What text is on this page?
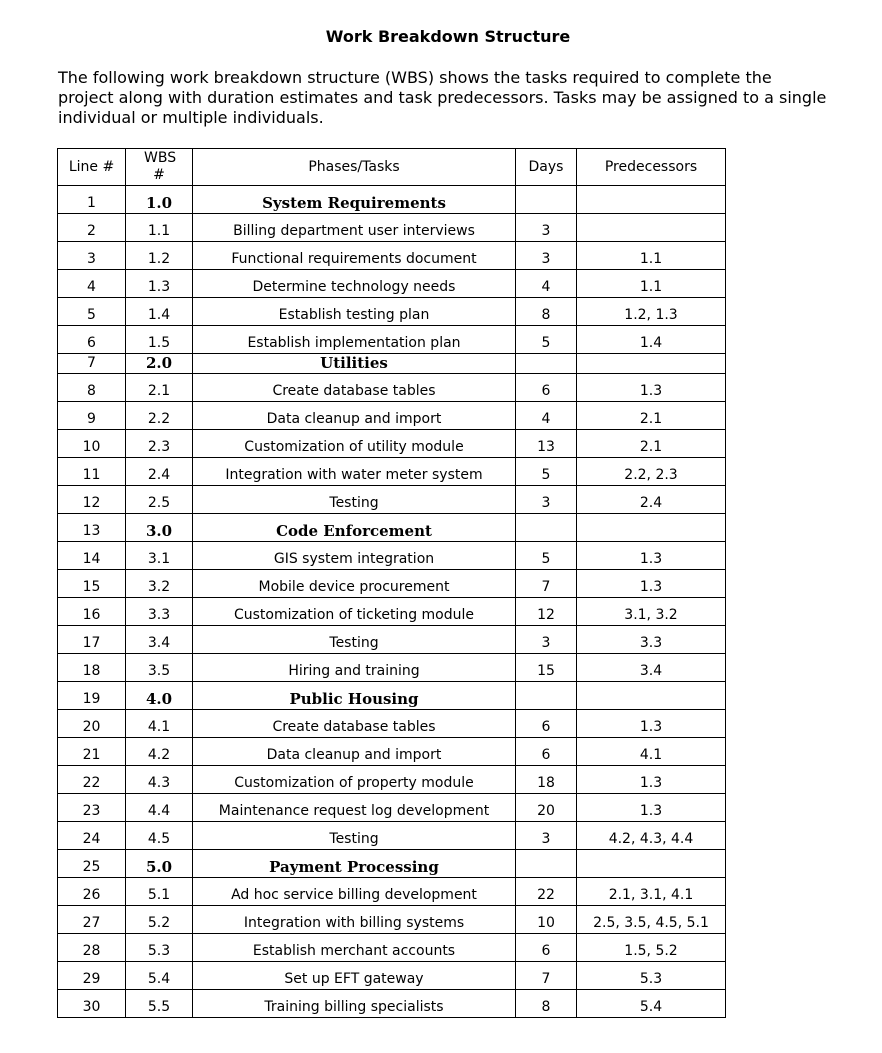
Work Breakdown Structure
The following work breakdown structure (WBS) shows the tasks required to complete the project along with duration estimates and task predecessors. Tasks may be assigned to a single individual or multiple individuals.
Line #	WBS #	Phases/Tasks	Days	Predecessors
1	1.0	System Requirements		
2	1.1	Billing department user interviews	3	
3	1.2	Functional requirements document	3	1.1
4	1.3	Determine technology needs	4	1.1
5	1.4	Establish testing plan	8	1.2, 1.3
6	1.5	Establish implementation plan	5	1.4
7	2.0	Utilities		
8	2.1	Create database tables	6	1.3
9	2.2	Data cleanup and import	4	2.1
10	2.3	Customization of utility module	13	2.1
11	2.4	Integration with water meter system	5	2.2, 2.3
12	2.5	Testing	3	2.4
13	3.0	Code Enforcement		
14	3.1	GIS system integration	5	1.3
15	3.2	Mobile device procurement	7	1.3
16	3.3	Customization of ticketing module	12	3.1, 3.2
17	3.4	Testing	3	3.3
18	3.5	Hiring and training	15	3.4
19	4.0	Public Housing		
20	4.1	Create database tables	6	1.3
21	4.2	Data cleanup and import	6	4.1
22	4.3	Customization of property module	18	1.3
23	4.4	Maintenance request log development	20	1.3
24	4.5	Testing	3	4.2, 4.3, 4.4
25	5.0	Payment Processing		
26	5.1	Ad hoc service billing development	22	2.1, 3.1, 4.1
27	5.2	Integration with billing systems	10	2.5, 3.5, 4.5, 5.1
28	5.3	Establish merchant accounts	6	1.5, 5.2
29	5.4	Set up EFT gateway	7	5.3
30	5.5	Training billing specialists	8	5.4
